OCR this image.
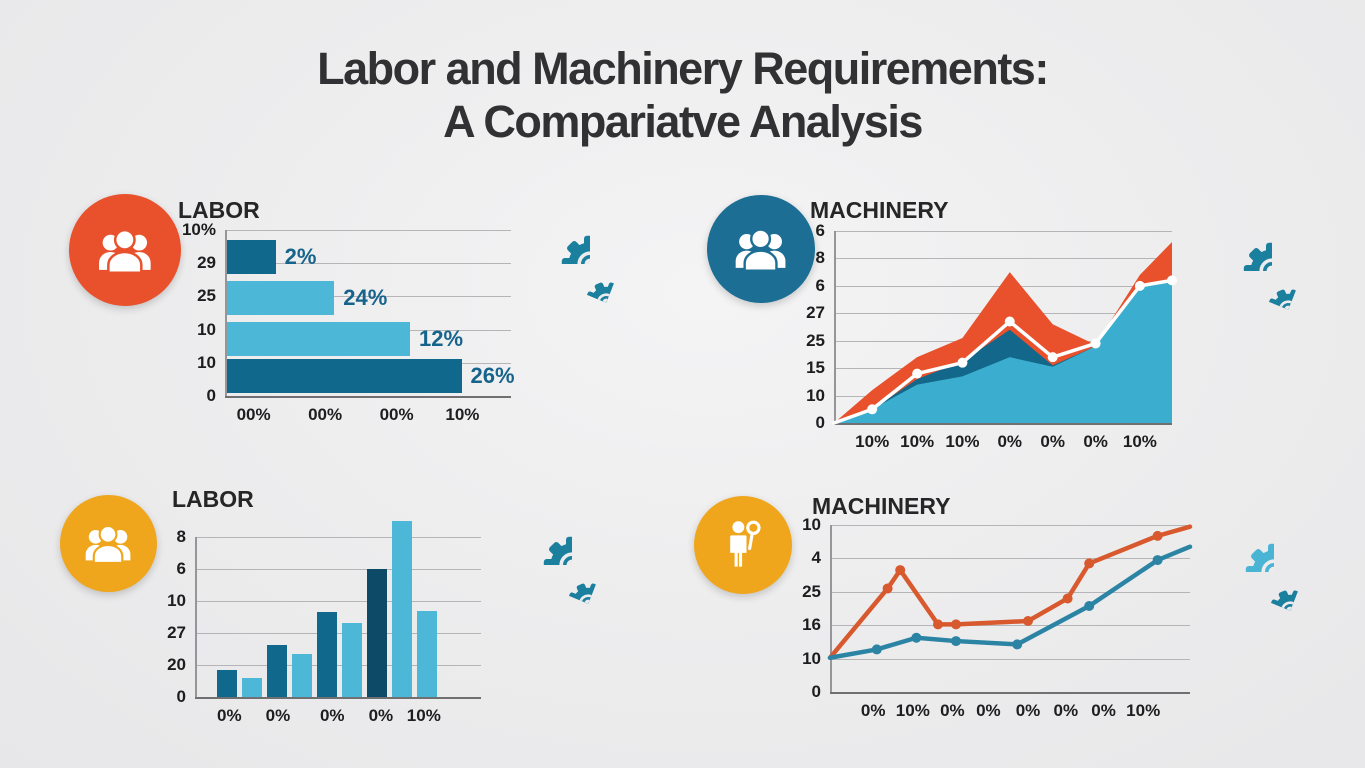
Labor and Machinery Requirements:
A Compariatve Analysis
LABOR
10%
29
25
10
10
0
2%
24%
12%
26%
00% 00% 00% 10%
MACHINERY
6
8
6
27
25
15
10
0
10% 10% 10% 0% 0% 0% 10%
LABOR
8
6
10
27
20
0
0% 0% 0% 0% 10%
MACHINERY
10
4
25
16
10
0
0% 10% 0% 0% 0% 0% 0% 10%
